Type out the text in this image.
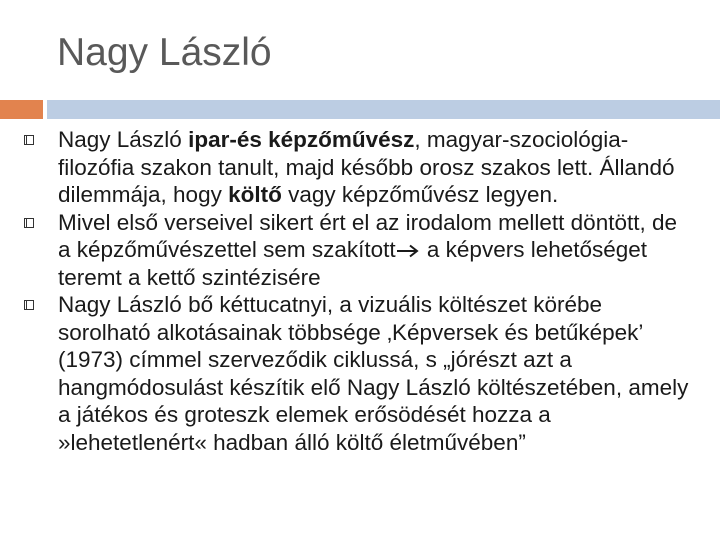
Nagy László
Nagy László ipar-és képzőművész, magyar-szociológia-filozófia szakon tanult, majd később orosz szakos lett. Állandó dilemmája, hogy költő vagy képzőművész legyen.
Mivel első verseivel sikert ért el az irodalom mellett döntött, de a képzőművészettel sem szakított a képvers lehetőséget teremt a kettő szintézisére
Nagy László bő kéttucatnyi, a vizuális költészet körébe sorolható alkotásainak többsége ‚Képversek és betűképek’ (1973) címmel szerveződik ciklussá, s „jórészt azt a hangmódosulást készítik elő Nagy László költészetében, amely a játékos és groteszk elemek erősödését hozza a »lehetetlenért« hadban álló költő életművében”
